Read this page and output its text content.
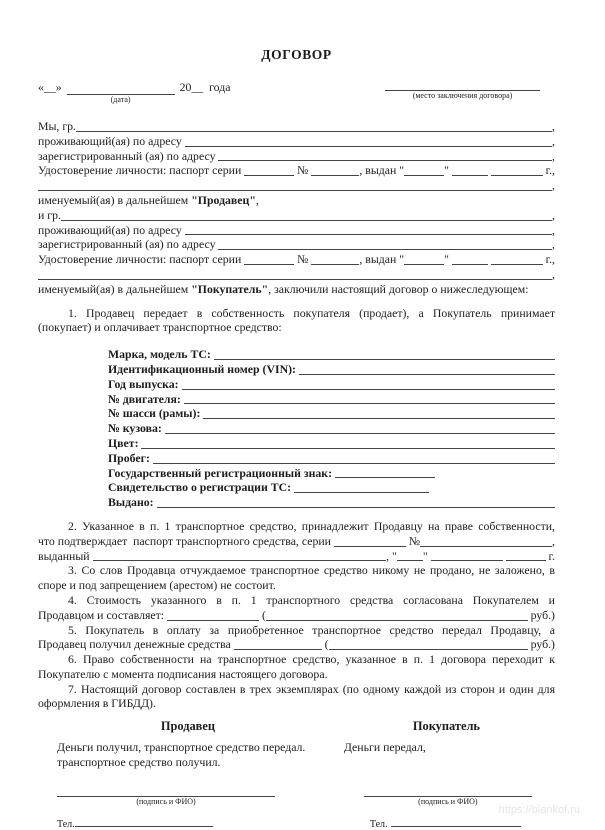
ДОГОВОР
«__»
(дата)
20__  года
(место заключения договора)
Мы, гр.	,
проживающий(ая) по адресу	,
зарегистрированный (ая) по адресу	,
Удостоверение личности: паспорт серии	№	, выдан "	"
	г.,
,
именуемый(ая) в дальнейшем "Продавец",
и гр.	,
проживающий(ая) по адресу	,
зарегистрированный (ая) по адресу	,
Удостоверение личности: паспорт серии	№	, выдан "	"
	г.,
,
именуемый(ая) в дальнейшем "Покупатель", заключили настоящий договор о нижеследующем:
1. Продавец передает в собственность покупателя (продает), а Покупатель принимает
(покупает) и оплачивает транспортное средство:
Марка, модель ТС:
Идентификационный номер (VIN):
Год выпуска:
№ двигателя:
№ шасси (рамы):
№ кузова:
Цвет:
Пробег:
Государственный регистрационный знак:
Свидетельство о регистрации ТС:
Выдано:
2. Указанное в п. 1 транспортное средство, принадлежит Продавцу на праве собственности,
что подтверждает  паспорт транспортного средства, серии	№	,
выданный	, " "
	г.
3. Со слов Продавца отчуждаемое транспортное средство никому не продано, не заложено, в
споре и под запрещением (арестом) не состоит.
4. Стоимость указанного в п. 1 транспортного средства согласована Покупателем и
Продавцом и составляет:	(	руб.)
5. Покупатель в оплату за приобретенное транспортное средство передал Продавцу, а
Продавец получил денежные средства	(	руб.)
6. Право собственности на транспортное средство, указанное в п. 1 договора переходит к
Покупателю с момента подписания настоящего договора.
7. Настоящий договор составлен в трех экземплярах (по одному каждой из сторон и один для
оформления в ГИБДД).
Продавец	Покупатель
Деньги получил, транспортное средство передал.	Деньги передал,
транспортное средство получил.
(подпись и ФИО)	(подпись и ФИО)
Тел.	Тел.
https://blankof.ru
